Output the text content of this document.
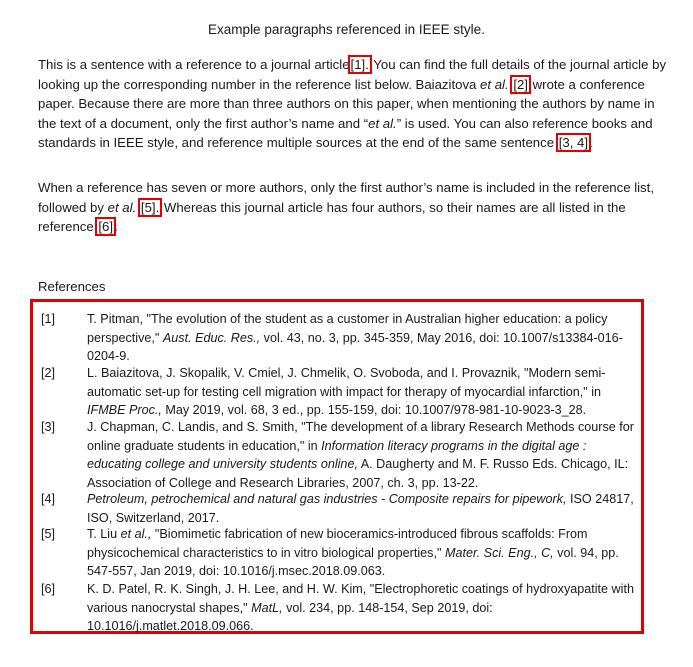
Example paragraphs referenced in IEEE style.

This is a sentence with a reference to a journal article[1]. You can find the full details of the journal article by looking up the corresponding number in the reference list below. Baiazitova et al. [2] wrote a conference paper. Because there are more than three authors on this paper, when mentioning the authors by name in the text of a document, only the first author’s name and “et al.” is used. You can also reference books and standards in IEEE style, and reference multiple sources at the end of the same sentence [3, 4].

When a reference has seven or more authors, only the first author’s name is included in the reference list, followed by et al. [5]. Whereas this journal article has four authors, so their names are all listed in the reference [6].

References
[1]	T. Pitman, "The evolution of the student as a customer in Australian higher education: a policy perspective," Aust. Educ. Res., vol. 43, no. 3, pp. 345-359, May 2016, doi: 10.1007/s13384-016-0204-9.
[2]	L. Baiazitova, J. Skopalik, V. Cmiel, J. Chmelik, O. Svoboda, and I. Provaznik, "Modern semi-automatic set-up for testing cell migration with impact for therapy of myocardial infarction," in IFMBE Proc., May 2019, vol. 68, 3 ed., pp. 155-159, doi: 10.1007/978-981-10-9023-3_28.
[3]	J. Chapman, C. Landis, and S. Smith, "The development of a library Research Methods course for online graduate students in education," in Information literacy programs in the digital age : educating college and university students online, A. Daugherty and M. F. Russo Eds. Chicago, IL: Association of College and Research Libraries, 2007, ch. 3, pp. 13-22.
[4]	Petroleum, petrochemical and natural gas industries - Composite repairs for pipework, ISO 24817, ISO, Switzerland, 2017.
[5]	T. Liu et al., "Biomimetic fabrication of new bioceramics-introduced fibrous scaffolds: From physicochemical characteristics to in vitro biological properties," Mater. Sci. Eng., C, vol. 94, pp. 547-557, Jan 2019, doi: 10.1016/j.msec.2018.09.063.
[6]	K. D. Patel, R. K. Singh, J. H. Lee, and H. W. Kim, "Electrophoretic coatings of hydroxyapatite with various nanocrystal shapes," MatL, vol. 234, pp. 148-154, Sep 2019, doi: 10.1016/j.matlet.2018.09.066.
